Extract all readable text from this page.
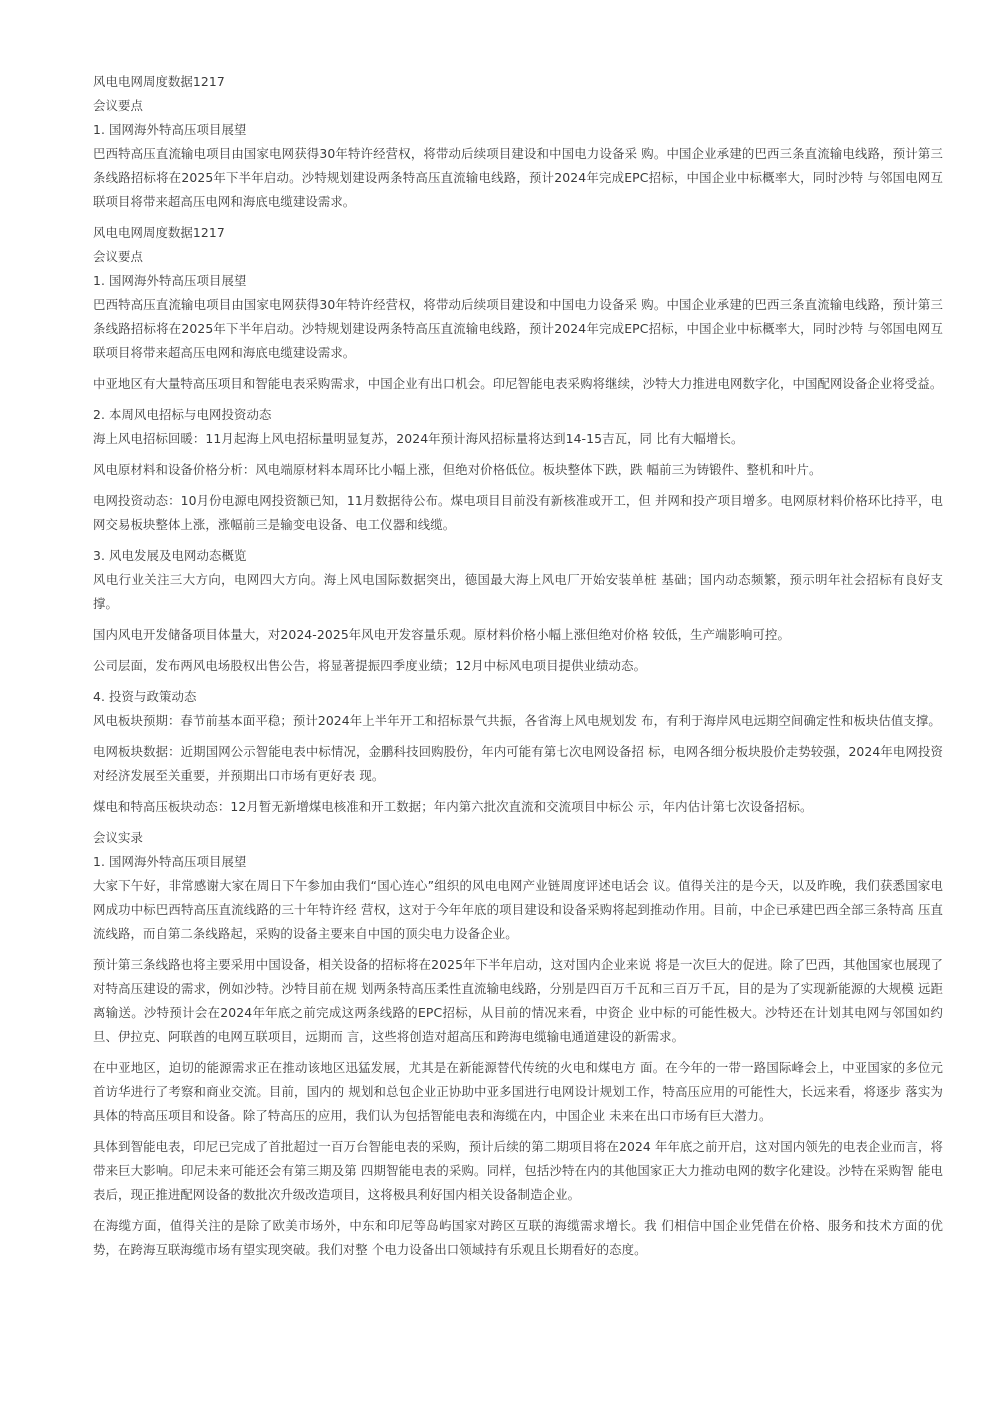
风电电网周度数据1217
会议要点
1. 国网海外特高压项目展望
巴西特高压直流输电项目由国家电网获得30年特许经营权，将带动后续项目建设和中国电力设备采 购。中国企业承建的巴西三条直流输电线路，预计第三条线路招标将在2025年下半年启动。沙特规划建设两条特高压直流输电线路，预计2024年完成EPC招标，中国企业中标概率大，同时沙特 与邻国电网互联项目将带来超高压电网和海底电缆建设需求。
风电电网周度数据1217
会议要点
1. 国网海外特高压项目展望
巴西特高压直流输电项目由国家电网获得30年特许经营权，将带动后续项目建设和中国电力设备采 购。中国企业承建的巴西三条直流输电线路，预计第三条线路招标将在2025年下半年启动。沙特规划建设两条特高压直流输电线路，预计2024年完成EPC招标，中国企业中标概率大，同时沙特 与邻国电网互联项目将带来超高压电网和海底电缆建设需求。
中亚地区有大量特高压项目和智能电表采购需求，中国企业有出口机会。印尼智能电表采购将继续，沙特大力推进电网数字化，中国配网设备企业将受益。
2. 本周风电招标与电网投资动态
海上风电招标回暖：11月起海上风电招标量明显复苏，2024年预计海风招标量将达到14-15吉瓦，同 比有大幅增长。
风电原材料和设备价格分析：风电端原材料本周环比小幅上涨，但绝对价格低位。板块整体下跌，跌 幅前三为铸锻件、整机和叶片。
电网投资动态：10月份电源电网投资额已知，11月数据待公布。煤电项目目前没有新核准或开工，但 并网和投产项目增多。电网原材料价格环比持平，电网交易板块整体上涨，涨幅前三是输变电设备、电工仪器和线缆。
3. 风电发展及电网动态概览
风电行业关注三大方向，电网四大方向。海上风电国际数据突出，德国最大海上风电厂开始安装单桩 基础；国内动态频繁，预示明年社会招标有良好支撑。
国内风电开发储备项目体量大，对2024-2025年风电开发容量乐观。原材料价格小幅上涨但绝对价格 较低，生产端影响可控。
公司层面，发布两风电场股权出售公告，将显著提振四季度业绩；12月中标风电项目提供业绩动态。
4. 投资与政策动态
风电板块预期：春节前基本面平稳；预计2024年上半年开工和招标景气共振，各省海上风电规划发 布，有利于海岸风电远期空间确定性和板块估值支撑。
电网板块数据：近期国网公示智能电表中标情况，金鹏科技回购股份，年内可能有第七次电网设备招 标，电网各细分板块股价走势较强，2024年电网投资对经济发展至关重要，并预期出口市场有更好表 现。
煤电和特高压板块动态：12月暂无新增煤电核准和开工数据；年内第六批次直流和交流项目中标公 示，年内估计第七次设备招标。
会议实录
1. 国网海外特高压项目展望
大家下午好，非常感谢大家在周日下午参加由我们“国心连心”组织的风电电网产业链周度评述电话会 议。值得关注的是今天，以及昨晚，我们获悉国家电网成功中标巴西特高压直流线路的三十年特许经 营权，这对于今年年底的项目建设和设备采购将起到推动作用。目前，中企已承建巴西全部三条特高 压直流线路，而自第二条线路起，采购的设备主要来自中国的顶尖电力设备企业。
预计第三条线路也将主要采用中国设备，相关设备的招标将在2025年下半年启动，这对国内企业来说 将是一次巨大的促进。除了巴西，其他国家也展现了对特高压建设的需求，例如沙特。沙特目前在规 划两条特高压柔性直流输电线路，分别是四百万千瓦和三百万千瓦，目的是为了实现新能源的大规模 远距离输送。沙特预计会在2024年年底之前完成这两条线路的EPC招标，从目前的情况来看，中资企 业中标的可能性极大。沙特还在计划其电网与邻国如约旦、伊拉克、阿联酋的电网互联项目，远期而 言，这些将创造对超高压和跨海电缆输电通道建设的新需求。
在中亚地区，迫切的能源需求正在推动该地区迅猛发展，尤其是在新能源替代传统的火电和煤电方 面。在今年的一带一路国际峰会上，中亚国家的多位元首访华进行了考察和商业交流。目前，国内的 规划和总包企业正协助中亚多国进行电网设计规划工作，特高压应用的可能性大，长远来看，将逐步 落实为具体的特高压项目和设备。除了特高压的应用，我们认为包括智能电表和海缆在内，中国企业 未来在出口市场有巨大潜力。
具体到智能电表，印尼已完成了首批超过一百万台智能电表的采购，预计后续的第二期项目将在2024 年年底之前开启，这对国内领先的电表企业而言，将带来巨大影响。印尼未来可能还会有第三期及第 四期智能电表的采购。同样，包括沙特在内的其他国家正大力推动电网的数字化建设。沙特在采购智 能电表后，现正推进配网设备的数批次升级改造项目，这将极具利好国内相关设备制造企业。
在海缆方面，值得关注的是除了欧美市场外，中东和印尼等岛屿国家对跨区互联的海缆需求增长。我 们相信中国企业凭借在价格、服务和技术方面的优势，在跨海互联海缆市场有望实现突破。我们对整 个电力设备出口领域持有乐观且长期看好的态度。
